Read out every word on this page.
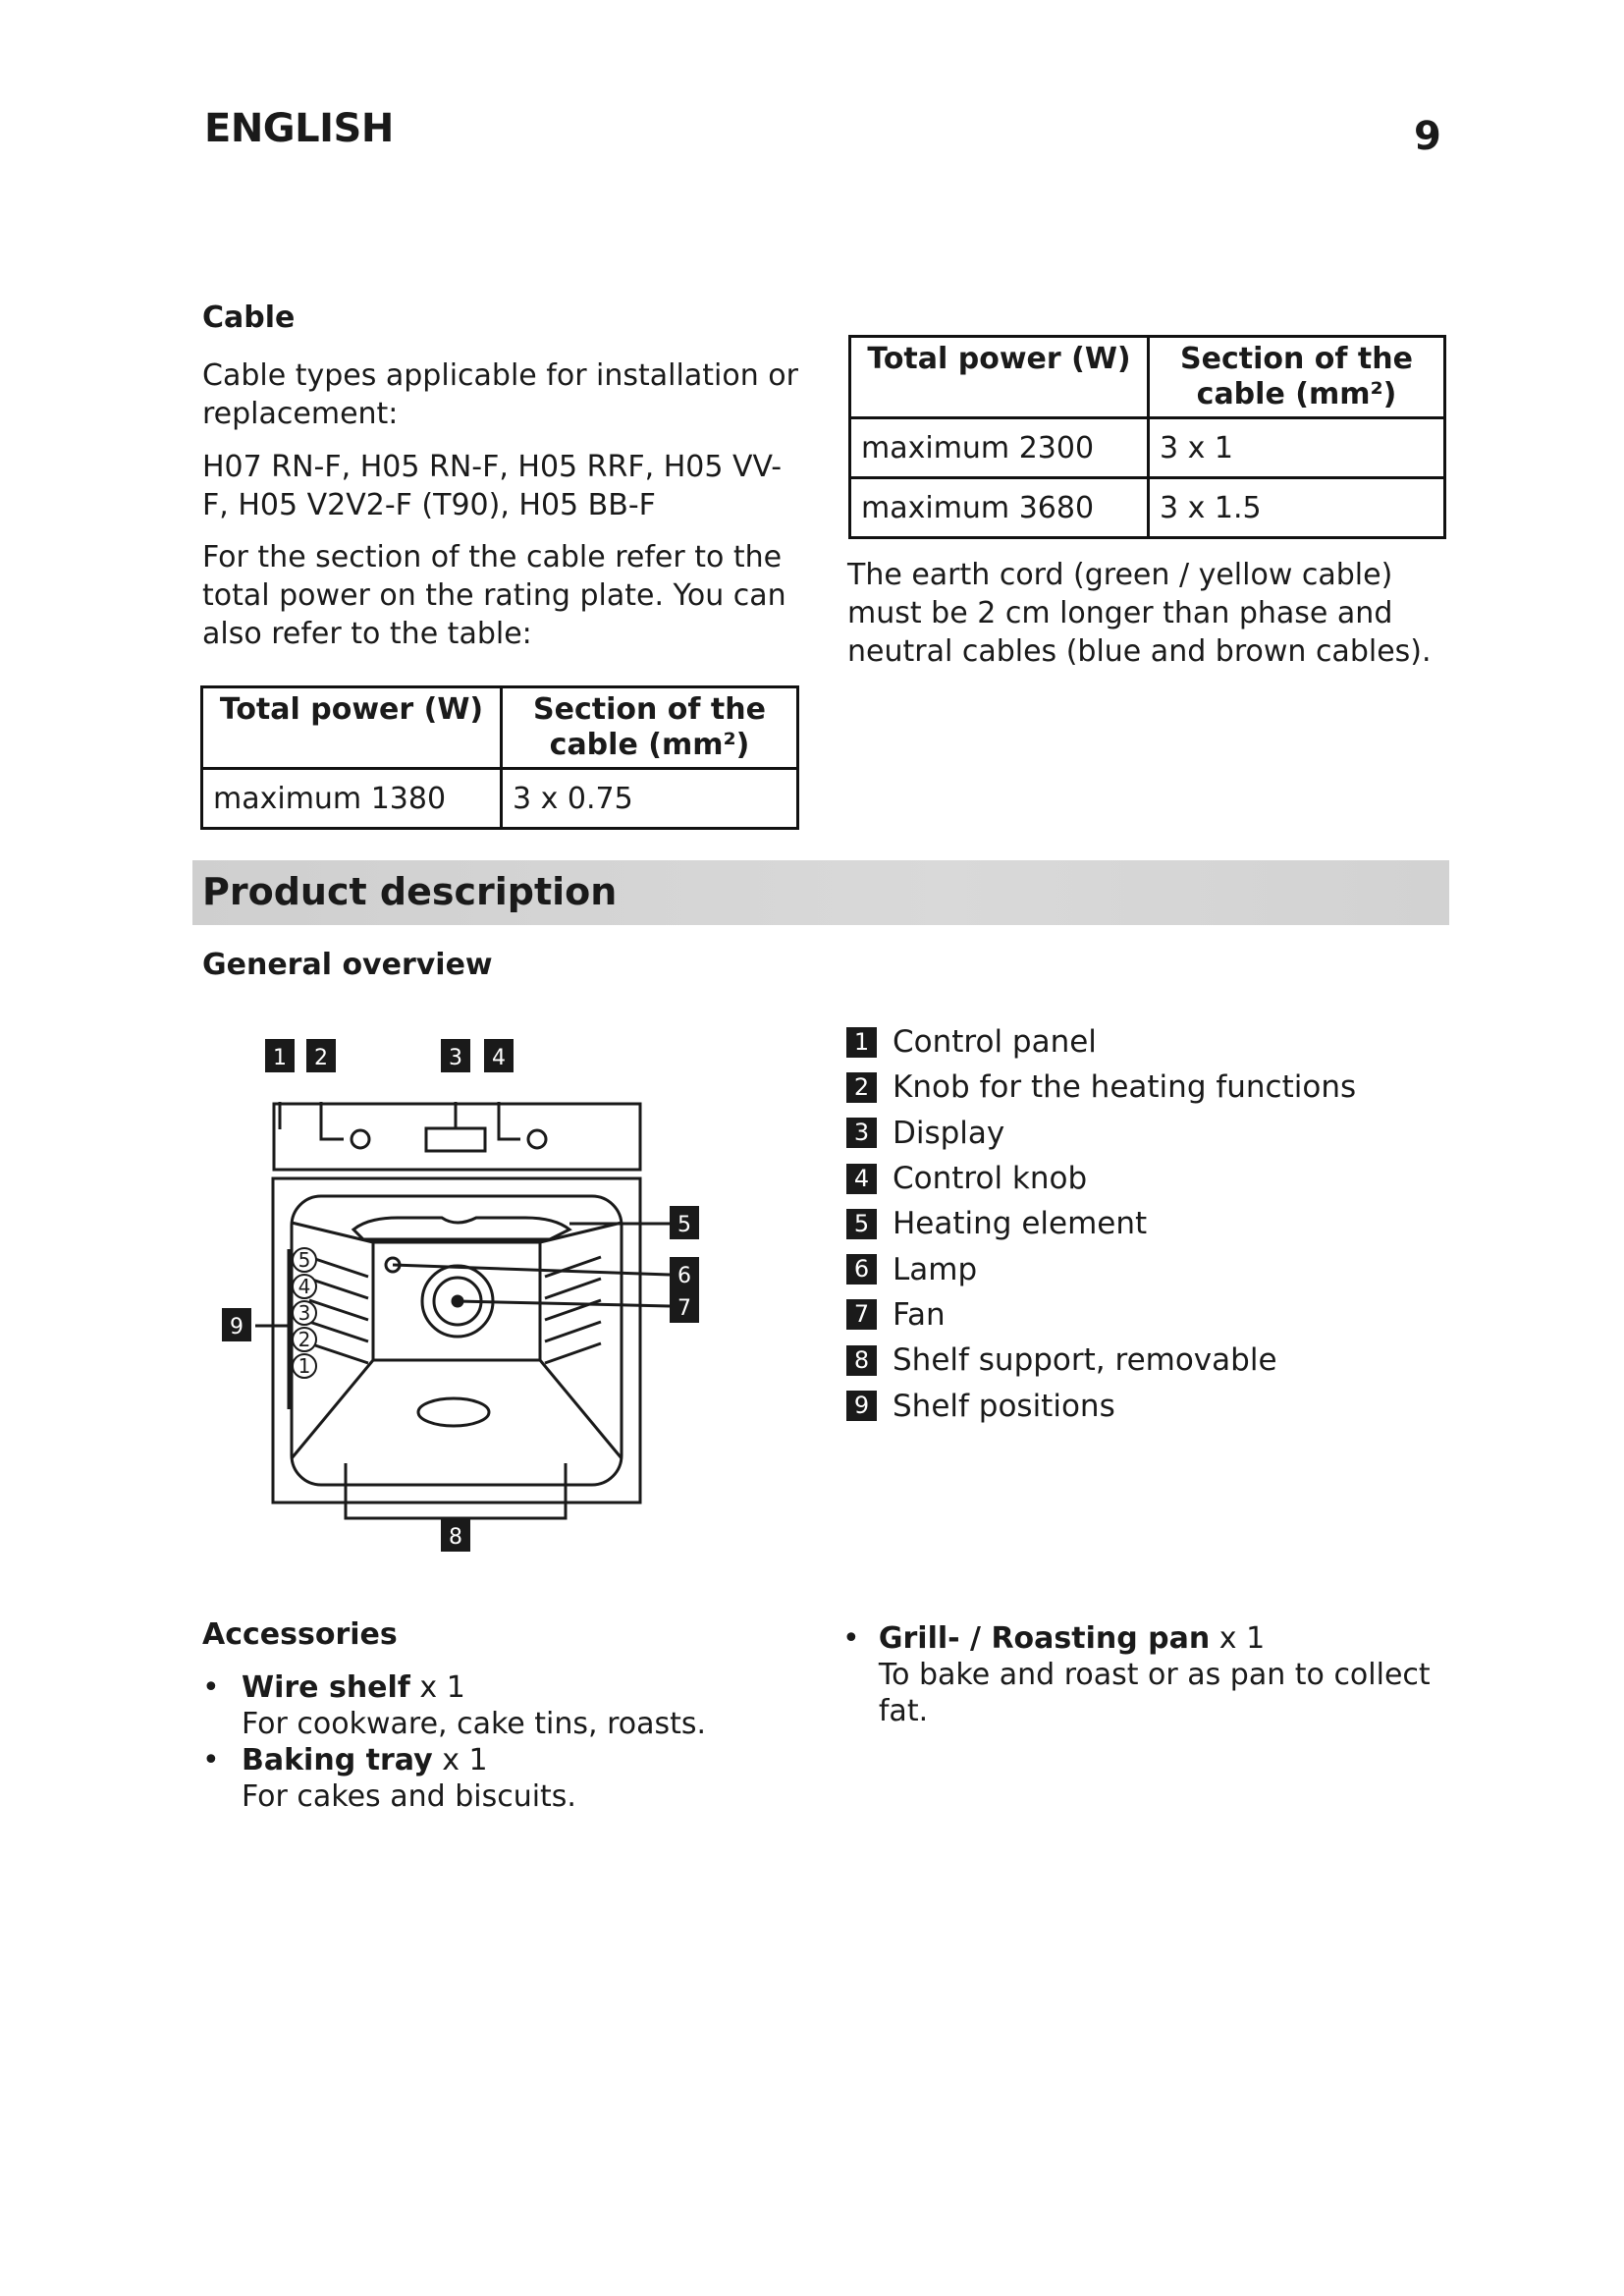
ENGLISH	9
Cable

Cable types applicable for installation or replacement:

H07 RN-F, H05 RN-F, H05 RRF, H05 VV-F, H05 V2V2-F (T90), H05 BB-F

For the section of the cable refer to the total power on the rating plate. You can also refer to the table:

Total power (W)	Section of the cable (mm²)
maximum 1380	3 x 0.75
Total power (W)	Section of the cable (mm²)
maximum 2300	3 x 1
maximum 3680	3 x 1.5

The earth cord (green / yellow cable) must be 2 cm longer than phase and neutral cables (blue and brown cables).

Product description
General overview
5
4
3
2
1
1 2	3 4
5
6
7
8
9
1 Control panel
2 Knob for the heating functions
3 Display
4 Control knob
5 Heating element
6 Lamp
7 Fan
8 Shelf support, removable
9 Shelf positions
Accessories
• Wire shelf x 1
For cookware, cake tins, roasts.
• Baking tray x 1
For cakes and biscuits.
• Grill- / Roasting pan x 1
To bake and roast or as pan to collect fat.
